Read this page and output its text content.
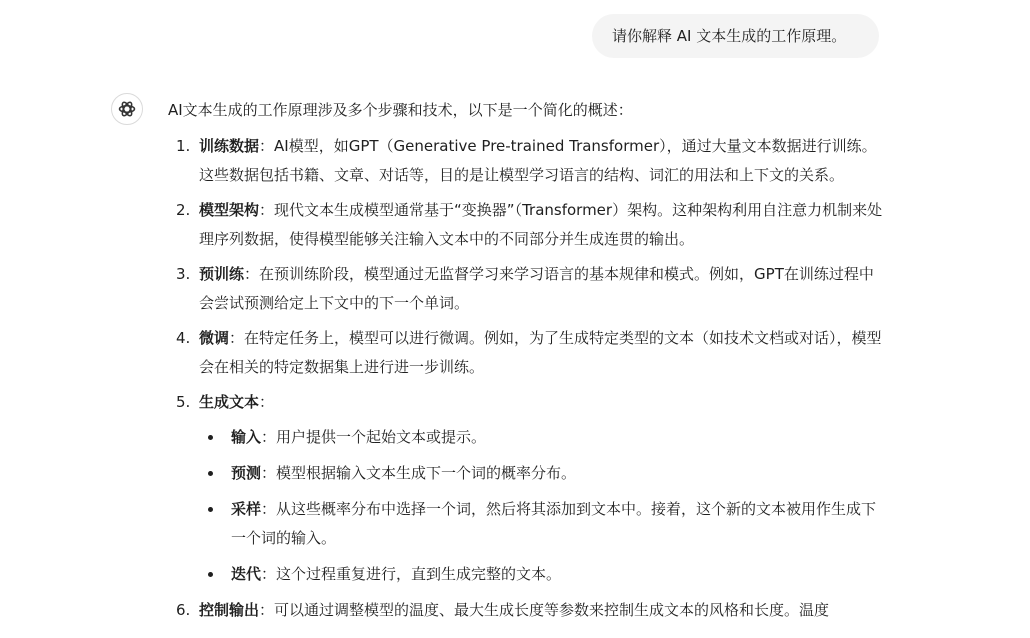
请你解释 AI 文本生成的工作原理。

AI文本生成的工作原理涉及多个步骤和技术，以下是一个简化的概述：

1. 训练数据：AI模型，如GPT（Generative Pre-trained Transformer），通过大量文本数据进行训练。这些数据包括书籍、文章、对话等，目的是让模型学习语言的结构、词汇的用法和上下文的关系。
2. 模型架构：现代文本生成模型通常基于“变换器”（Transformer）架构。这种架构利用自注意力机制来处理序列数据，使得模型能够关注输入文本中的不同部分并生成连贯的输出。
3. 预训练：在预训练阶段，模型通过无监督学习来学习语言的基本规律和模式。例如，GPT在训练过程中会尝试预测给定上下文中的下一个单词。
4. 微调：在特定任务上，模型可以进行微调。例如，为了生成特定类型的文本（如技术文档或对话），模型会在相关的特定数据集上进行进一步训练。
5. 生成文本：
输入：用户提供一个起始文本或提示。
预测：模型根据输入文本生成下一个词的概率分布。
采样：从这些概率分布中选择一个词，然后将其添加到文本中。接着，这个新的文本被用作生成下一个词的输入。
迭代：这个过程重复进行，直到生成完整的文本。
6. 控制输出：可以通过调整模型的温度、最大生成长度等参数来控制生成文本的风格和长度。温度
